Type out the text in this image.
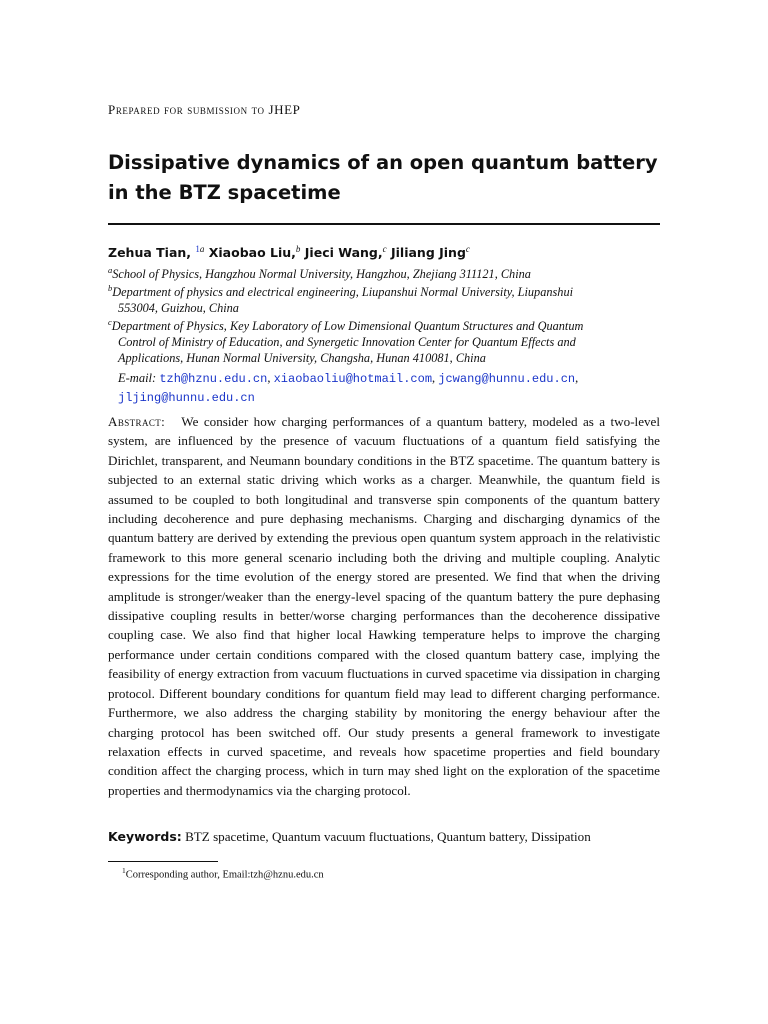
Prepared for submission to JHEP
Dissipative dynamics of an open quantum battery in the BTZ spacetime
Zehua Tian, $^{1a}$ Xiaobao Liu,$^b$ Jieci Wang,$^c$ Jiliang Jing$^c$
$^a$School of Physics, Hangzhou Normal University, Hangzhou, Zhejiang 311121, China
$^b$Department of physics and electrical engineering, Liupanshui Normal University, Liupanshui
553004, Guizhou, China
$^c$Department of Physics, Key Laboratory of Low Dimensional Quantum Structures and Quantum
Control of Ministry of Education, and Synergetic Innovation Center for Quantum Effects and
Applications, Hunan Normal University, Changsha, Hunan 410081, China
E-mail: tzh@hznu.edu.cn, xiaobaoliu@hotmail.com, jcwang@hunnu.edu.cn,
jljing@hunnu.edu.cn

Abstract: We consider how charging performances of a quantum battery, modeled as a two-level system, are influenced by the presence of vacuum fluctuations of a quantum field satisfying the Dirichlet, transparent, and Neumann boundary conditions in the BTZ spacetime. The quantum battery is subjected to an external static driving which works as a charger. Meanwhile, the quantum field is assumed to be coupled to both longitudinal and transverse spin components of the quantum battery including decoherence and pure dephasing mechanisms. Charging and discharging dynamics of the quantum battery are derived by extending the previous open quantum system approach in the relativistic framework to this more general scenario including both the driving and multiple coupling. Analytic expressions for the time evolution of the energy stored are presented. We find that when the driving amplitude is stronger/weaker than the energy-level spacing of the quantum battery the pure dephasing dissipative coupling results in better/worse charging performances than the decoherence dissipative coupling case. We also find that higher local Hawking temperature helps to improve the charging performance under certain conditions compared with the closed quantum battery case, implying the feasibility of energy extraction from vacuum fluctuations in curved spacetime via dissipation in charging protocol. Different boundary conditions for quantum field may lead to different charging performance. Furthermore, we also address the charging stability by monitoring the energy behaviour after the charging protocol has been switched off. Our study presents a general framework to investigate relaxation effects in curved spacetime, and reveals how spacetime properties and field boundary condition affect the charging process, which in turn may shed light on the exploration of the spacetime properties and thermodynamics via the charging protocol.

Keywords: BTZ spacetime, Quantum vacuum fluctuations, Quantum battery, Dissipation
$^1$Corresponding author, Email:tzh@hznu.edu.cn
